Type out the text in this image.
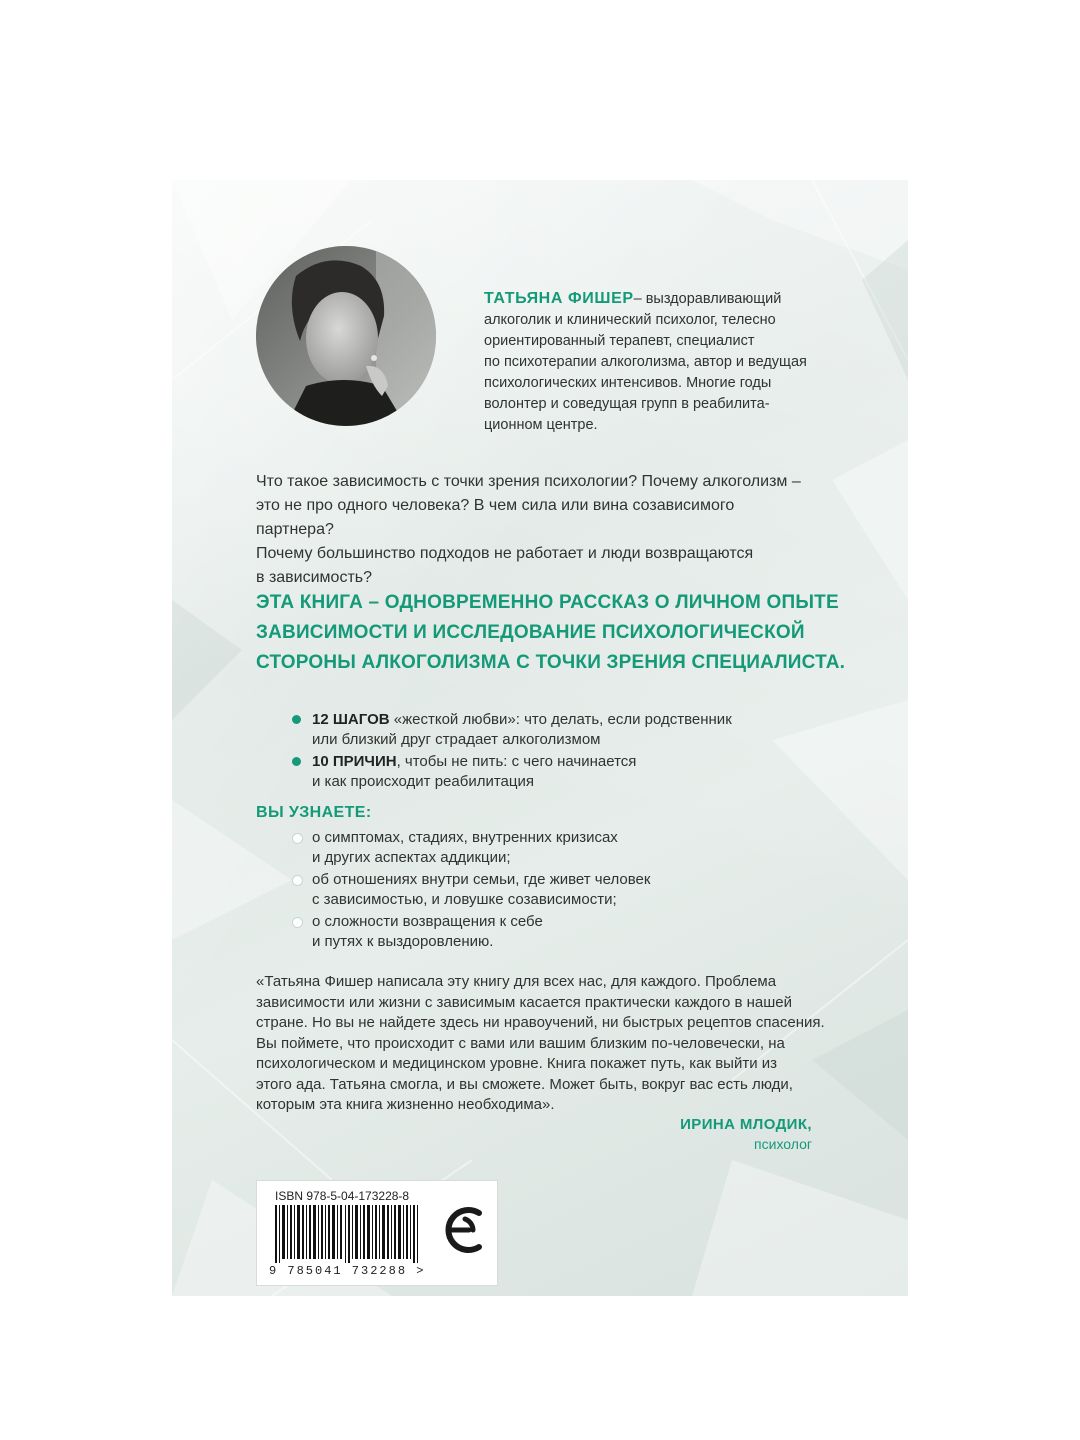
ТАТЬЯНА ФИШЕР– выздоравливающий
алкоголик и клинический психолог, телесно
ориентированный терапевт, специалист
по психотерапии алкоголизма, автор и ведущая
психологических интенсивов. Многие годы
волонтер и соведущая групп в реабилита-
ционном центре.
Что такое зависимость с точки зрения психологии? Почему алкоголизм –
это не про одного человека? В чем сила или вина созависимого партнера?
Почему большинство подходов не работает и люди возвращаются
в зависимость?
ЭТА КНИГА – ОДНОВРЕМЕННО РАССКАЗ О ЛИЧНОМ ОПЫТЕ
ЗАВИСИМОСТИ И ИССЛЕДОВАНИЕ ПСИХОЛОГИЧЕСКОЙ
СТОРОНЫ АЛКОГОЛИЗМА С ТОЧКИ ЗРЕНИЯ СПЕЦИАЛИСТА.
12 ШАГОВ «жесткой любви»: что делать, если родственник
или близкий друг страдает алкоголизмом
10 ПРИЧИН, чтобы не пить: с чего начинается
и как происходит реабилитация
ВЫ УЗНАЕТЕ:
о симптомах, стадиях, внутренних кризисах
и других аспектах аддикции;
об отношениях внутри семьи, где живет человек
с зависимостью, и ловушке созависимости;
о сложности возвращения к себе
и путях к выздоровлению.
«Татьяна Фишер написала эту книгу для всех нас, для каждого. Проблема
зависимости или жизни с зависимым касается практически каждого в нашей
стране. Но вы не найдете здесь ни нравоучений, ни быстрых рецептов спасения.
Вы поймете, что происходит с вами или вашим близким по-человечески, на
психологическом и медицинском уровне. Книга покажет путь, как выйти из
этого ада. Татьяна смогла, и вы сможете. Может быть, вокруг вас есть люди,
которым эта книга жизненно необходима».
ИРИНА МЛОДИК,
психолог
ISBN 978-5-04-173228-8
9 785041 732288 >
